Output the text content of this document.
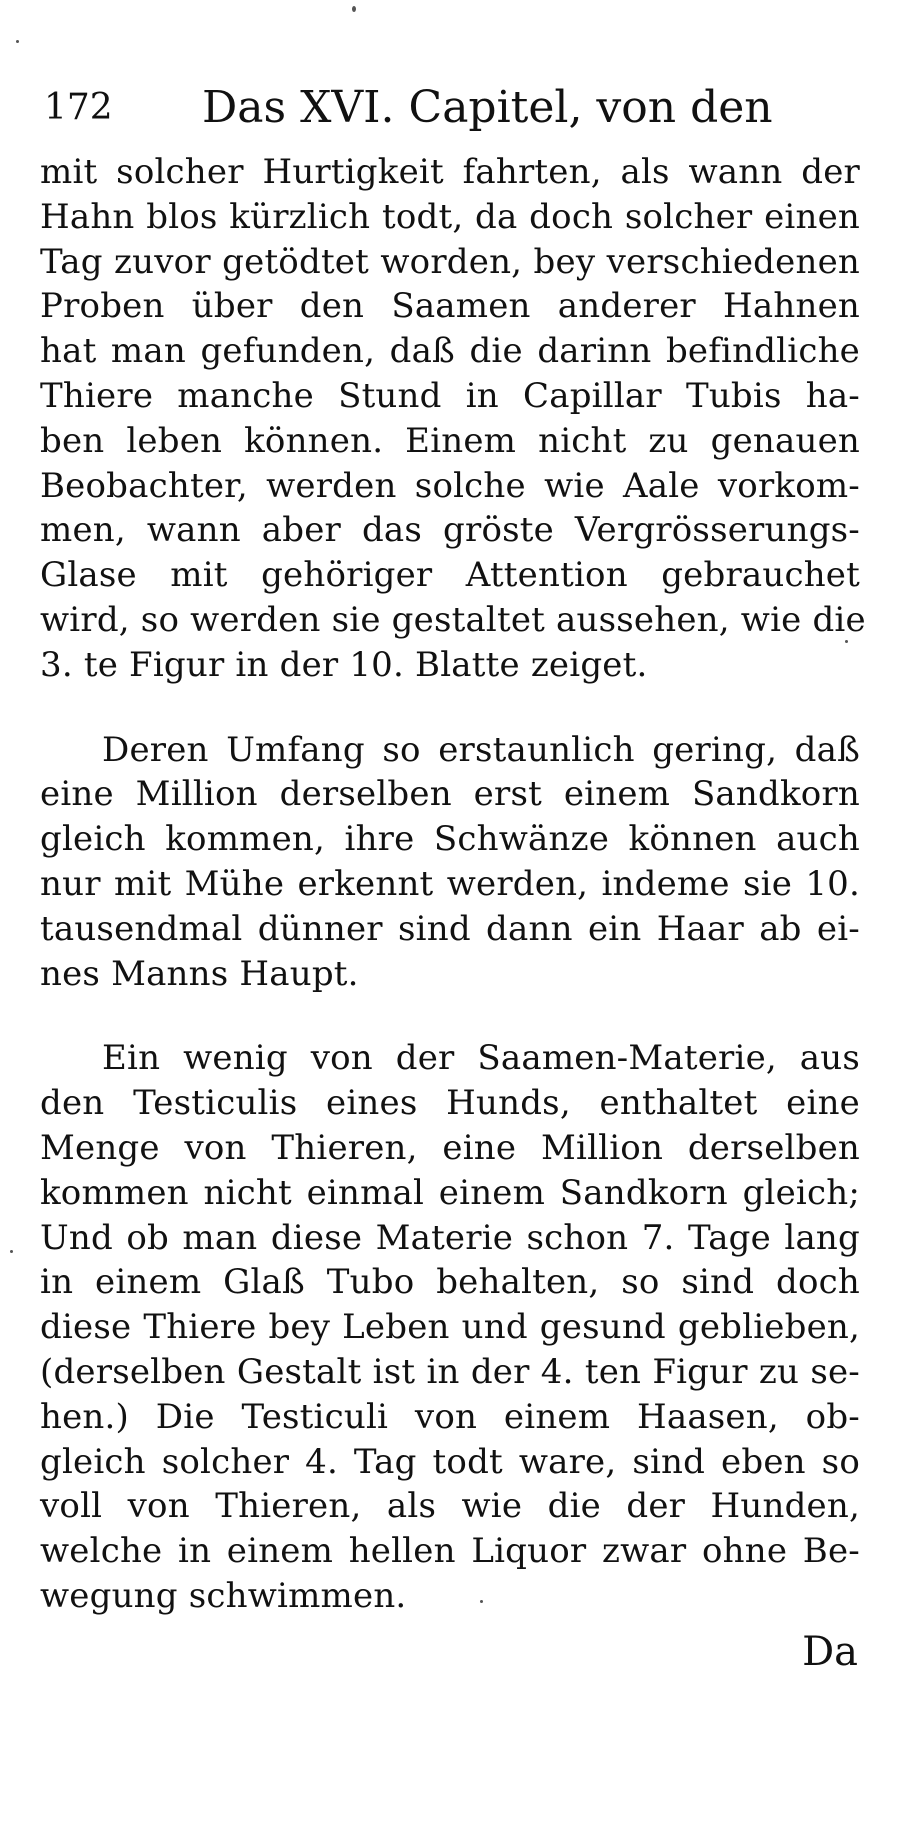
172 Das XVI. Capitel, von den
mit solcher Hurtigkeit fahrten, als wann der
Hahn blos kürzlich todt, da doch solcher einen
Tag zuvor getödtet worden, bey verschiedenen
Proben über den Saamen anderer Hahnen
hat man gefunden, daß die darinn befindliche
Thiere manche Stund in Capillar Tubis ha-
ben leben können. Einem nicht zu genauen
Beobachter, werden solche wie Aale vorkom-
men, wann aber das gröste Vergrösserungs-
Glase mit gehöriger Attention gebrauchet
wird, so werden sie gestaltet aussehen, wie die
3. te Figur in der 10. Blatte zeiget.
Deren Umfang so erstaunlich gering, daß
eine Million derselben erst einem Sandkorn
gleich kommen, ihre Schwänze können auch
nur mit Mühe erkennt werden, indeme sie 10.
tausendmal dünner sind dann ein Haar ab ei-
nes Manns Haupt.
Ein wenig von der Saamen-Materie, aus
den Testiculis eines Hunds, enthaltet eine
Menge von Thieren, eine Million derselben
kommen nicht einmal einem Sandkorn gleich;
Und ob man diese Materie schon 7. Tage lang
in einem Glaß Tubo behalten, so sind doch
diese Thiere bey Leben und gesund geblieben,
(derselben Gestalt ist in der 4. ten Figur zu se-
hen.) Die Testiculi von einem Haasen, ob-
gleich solcher 4. Tag todt ware, sind eben so
voll von Thieren, als wie die der Hunden,
welche in einem hellen Liquor zwar ohne Be-
wegung schwimmen.
Da
